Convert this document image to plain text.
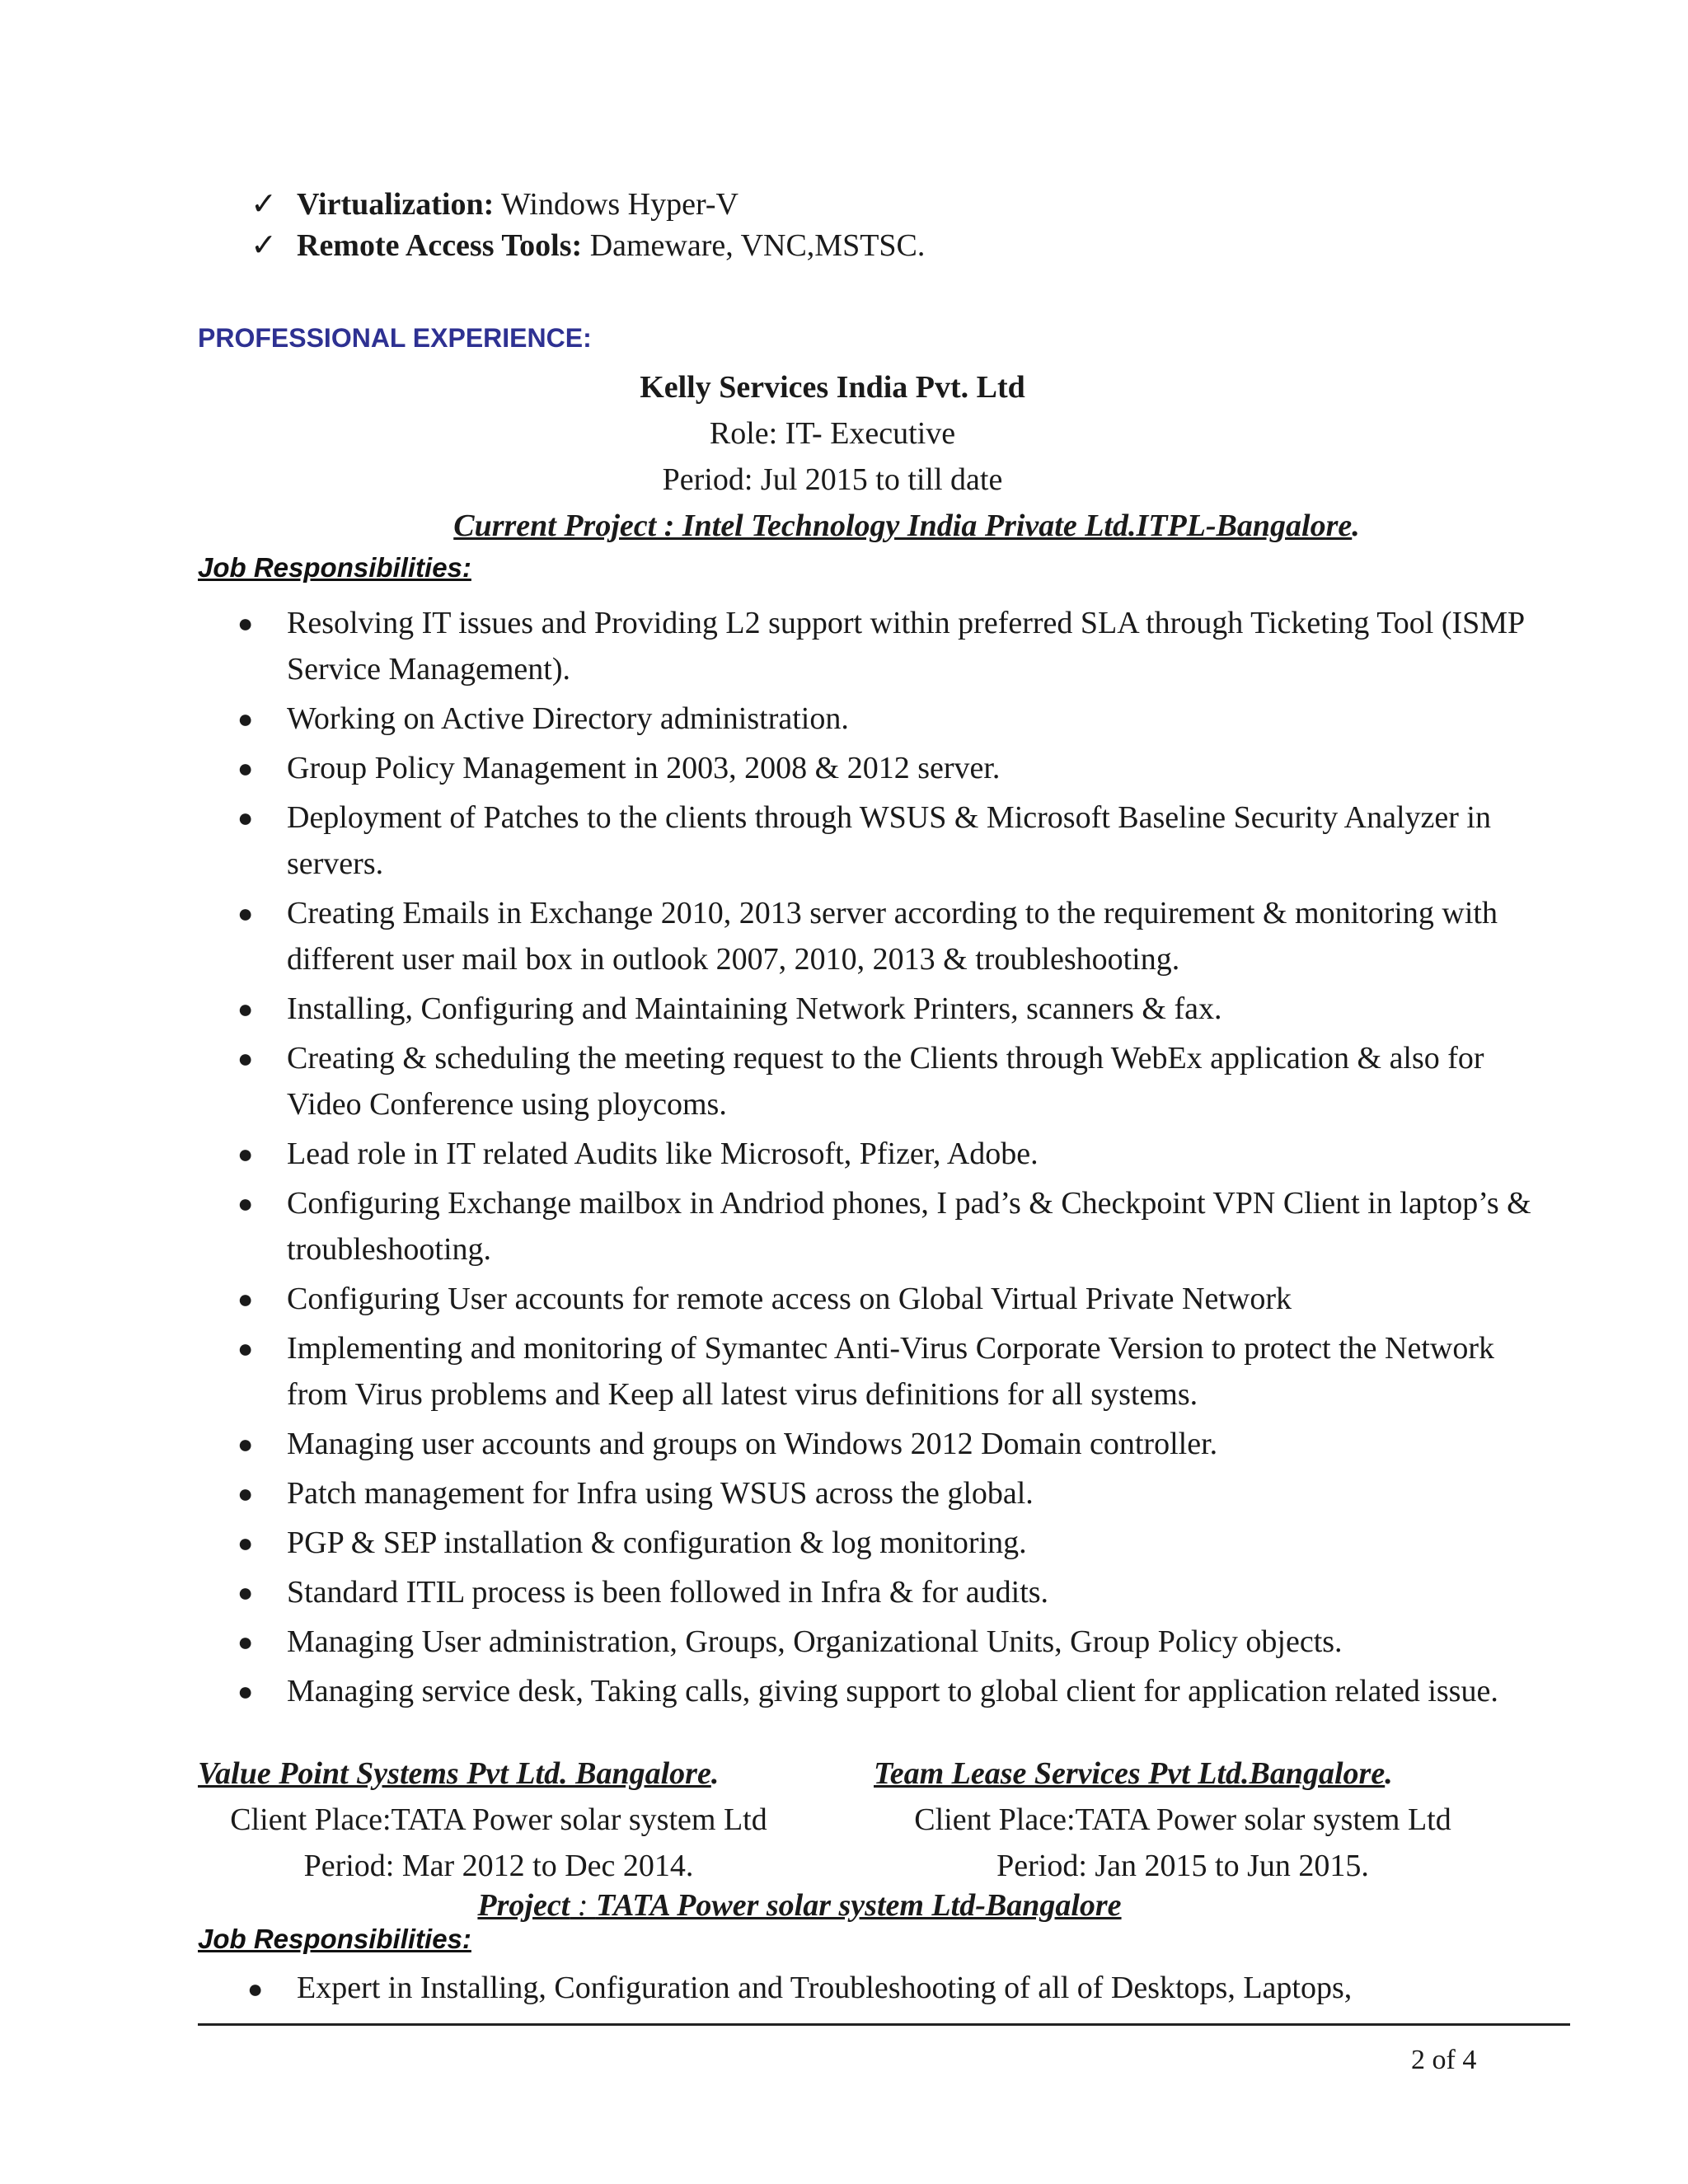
✓ Virtualization: Windows Hyper-V
✓ Remote Access Tools: Dameware, VNC,MSTSC.
PROFESSIONAL EXPERIENCE:
Kelly Services India Pvt. Ltd
Role: IT- Executive
Period: Jul 2015 to till date
Current Project : Intel Technology India Private Ltd.ITPL-Bangalore.
Job Responsibilities:
● Resolving IT issues and Providing L2 support within preferred SLA through Ticketing Tool (ISMP Service Management).
● Working on Active Directory administration.
● Group Policy Management in 2003, 2008 & 2012 server.
● Deployment of Patches to the clients through WSUS & Microsoft Baseline Security Analyzer in servers.
● Creating Emails in Exchange 2010, 2013 server according to the requirement & monitoring with different user mail box in outlook 2007, 2010, 2013 & troubleshooting.
● Installing, Configuring and Maintaining Network Printers, scanners & fax.
● Creating & scheduling the meeting request to the Clients through WebEx application & also for Video Conference using ploycoms.
● Lead role in IT related Audits like Microsoft, Pfizer, Adobe.
● Configuring Exchange mailbox in Andriod phones, I pad’s & Checkpoint VPN Client in laptop’s & troubleshooting.
● Configuring User accounts for remote access on Global Virtual Private Network
● Implementing and monitoring of Symantec Anti-Virus Corporate Version to protect the Network from Virus problems and Keep all latest virus definitions for all systems.
● Managing user accounts and groups on Windows 2012 Domain controller.
● Patch management for Infra using WSUS across the global.
● PGP & SEP installation & configuration & log monitoring.
● Standard ITIL process is been followed in Infra & for audits.
● Managing User administration, Groups, Organizational Units, Group Policy objects.
● Managing service desk, Taking calls, giving support to global client for application related issue.
Value Point Systems Pvt Ltd. Bangalore.
Client Place:TATA Power solar system Ltd
Period: Mar 2012 to Dec 2014.
Team Lease Services Pvt Ltd.Bangalore.
Client Place:TATA Power solar system Ltd
Period: Jan 2015 to Jun 2015.
Project : TATA Power solar system Ltd-Bangalore
Job Responsibilities:
● Expert in Installing, Configuration and Troubleshooting of all of Desktops, Laptops,
2 of 4
